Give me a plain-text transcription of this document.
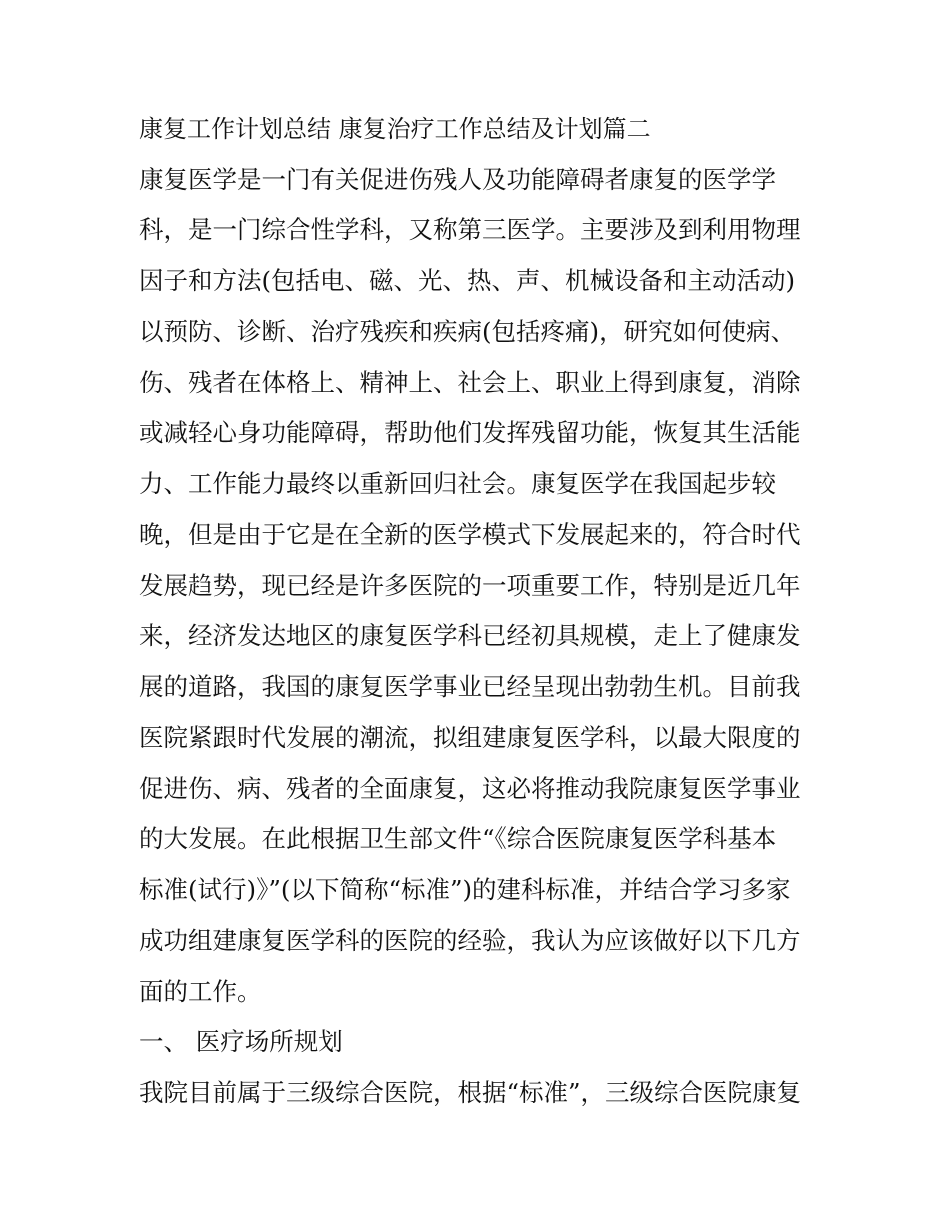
康复工作计划总结 康复治疗工作总结及计划篇二
康复医学是一门有关促进伤残人及功能障碍者康复的医学学
科，是一门综合性学科，又称第三医学。主要涉及到利用物理
因子和方法(包括电、磁、光、热、声、机械设备和主动活动)
以预防、诊断、治疗残疾和疾病(包括疼痛)，研究如何使病、
伤、残者在体格上、精神上、社会上、职业上得到康复，消除
或减轻心身功能障碍，帮助他们发挥残留功能，恢复其生活能
力、工作能力最终以重新回归社会。康复医学在我国起步较
晚，但是由于它是在全新的医学模式下发展起来的，符合时代
发展趋势，现已经是许多医院的一项重要工作，特别是近几年
来，经济发达地区的康复医学科已经初具规模，走上了健康发
展的道路，我国的康复医学事业已经呈现出勃勃生机。目前我
医院紧跟时代发展的潮流，拟组建康复医学科，以最大限度的
促进伤、病、残者的全面康复，这必将推动我院康复医学事业
的大发展。在此根据卫生部文件“《综合医院康复医学科基本
标准(试行)》”(以下简称“标准”)的建科标准，并结合学习多家
成功组建康复医学科的医院的经验，我认为应该做好以下几方
面的工作。
一、 医疗场所规划
我院目前属于三级综合医院，根据“标准”，三级综合医院康复
